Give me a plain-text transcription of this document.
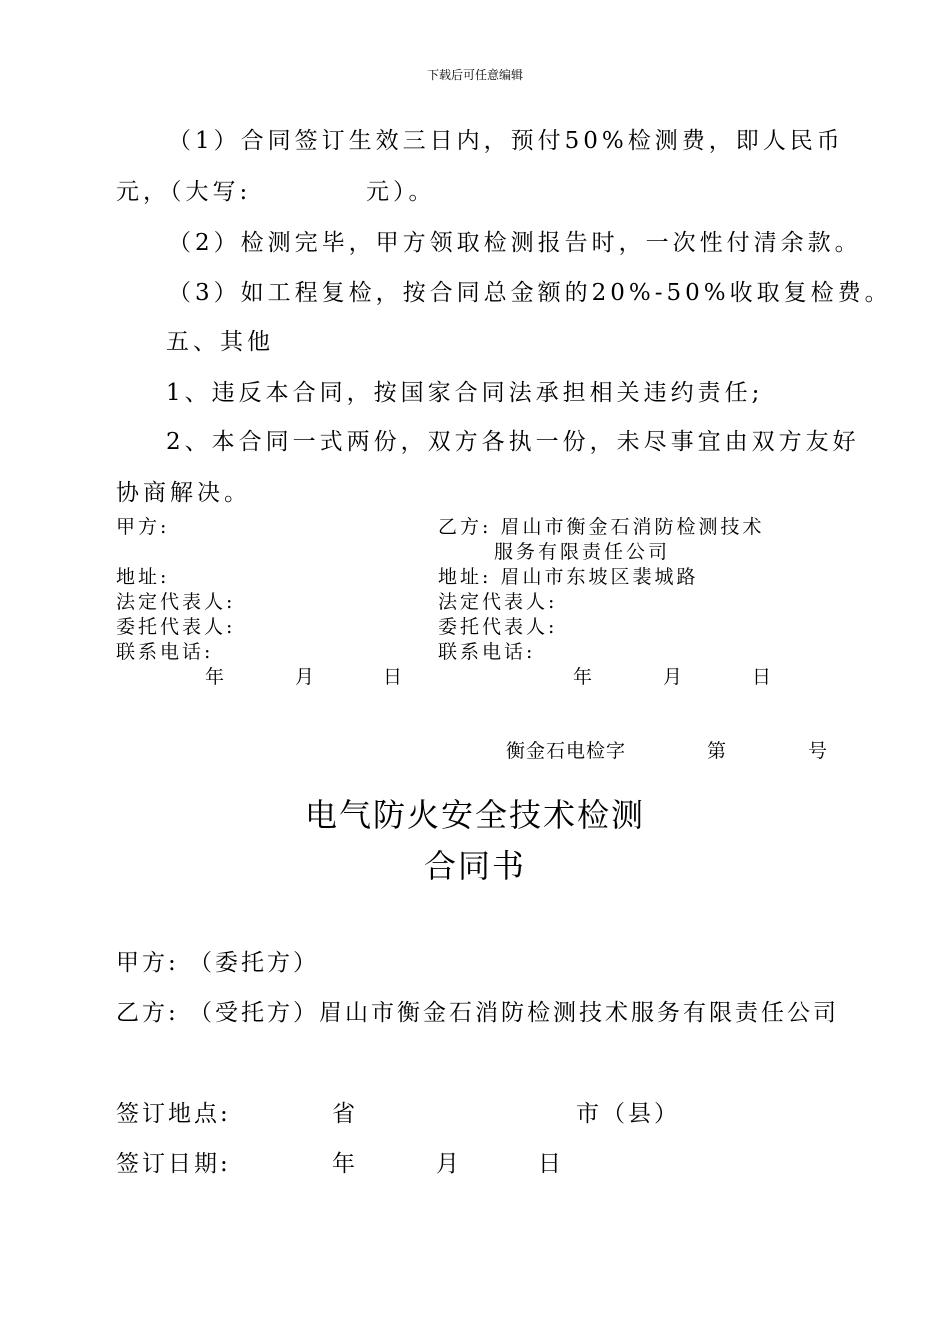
下载后可任意编辑
（1）合同签订生效三日内，预付50%检测费，即人民币
元，（大写:	元）。
（2）检测完毕，甲方领取检测报告时，一次性付清余款。
（3）如工程复检，按合同总金额的20%-50%收取复检费。
五、其他
1、违反本合同，按国家合同法承担相关违约责任;
2、本合同一式两份，双方各执一份，未尽事宜由双方友好
协商解决。
甲方:	乙方: 眉山市衡金石消防检测技术
服务有限责任公司
地址:	地址: 眉山市东坡区裴城路
法定代表人:	法定代表人:
委托代表人:	委托代表人:
联系电话:	联系电话:
年	月	日	年	月	日
衡金石电检字	第	号
电气防火安全技术检测
合同书
甲方: （委托方）
乙方: （受托方）眉山市衡金石消防检测技术服务有限责任公司
签订地点:	省	市（县）
签订日期:	年	月	日
